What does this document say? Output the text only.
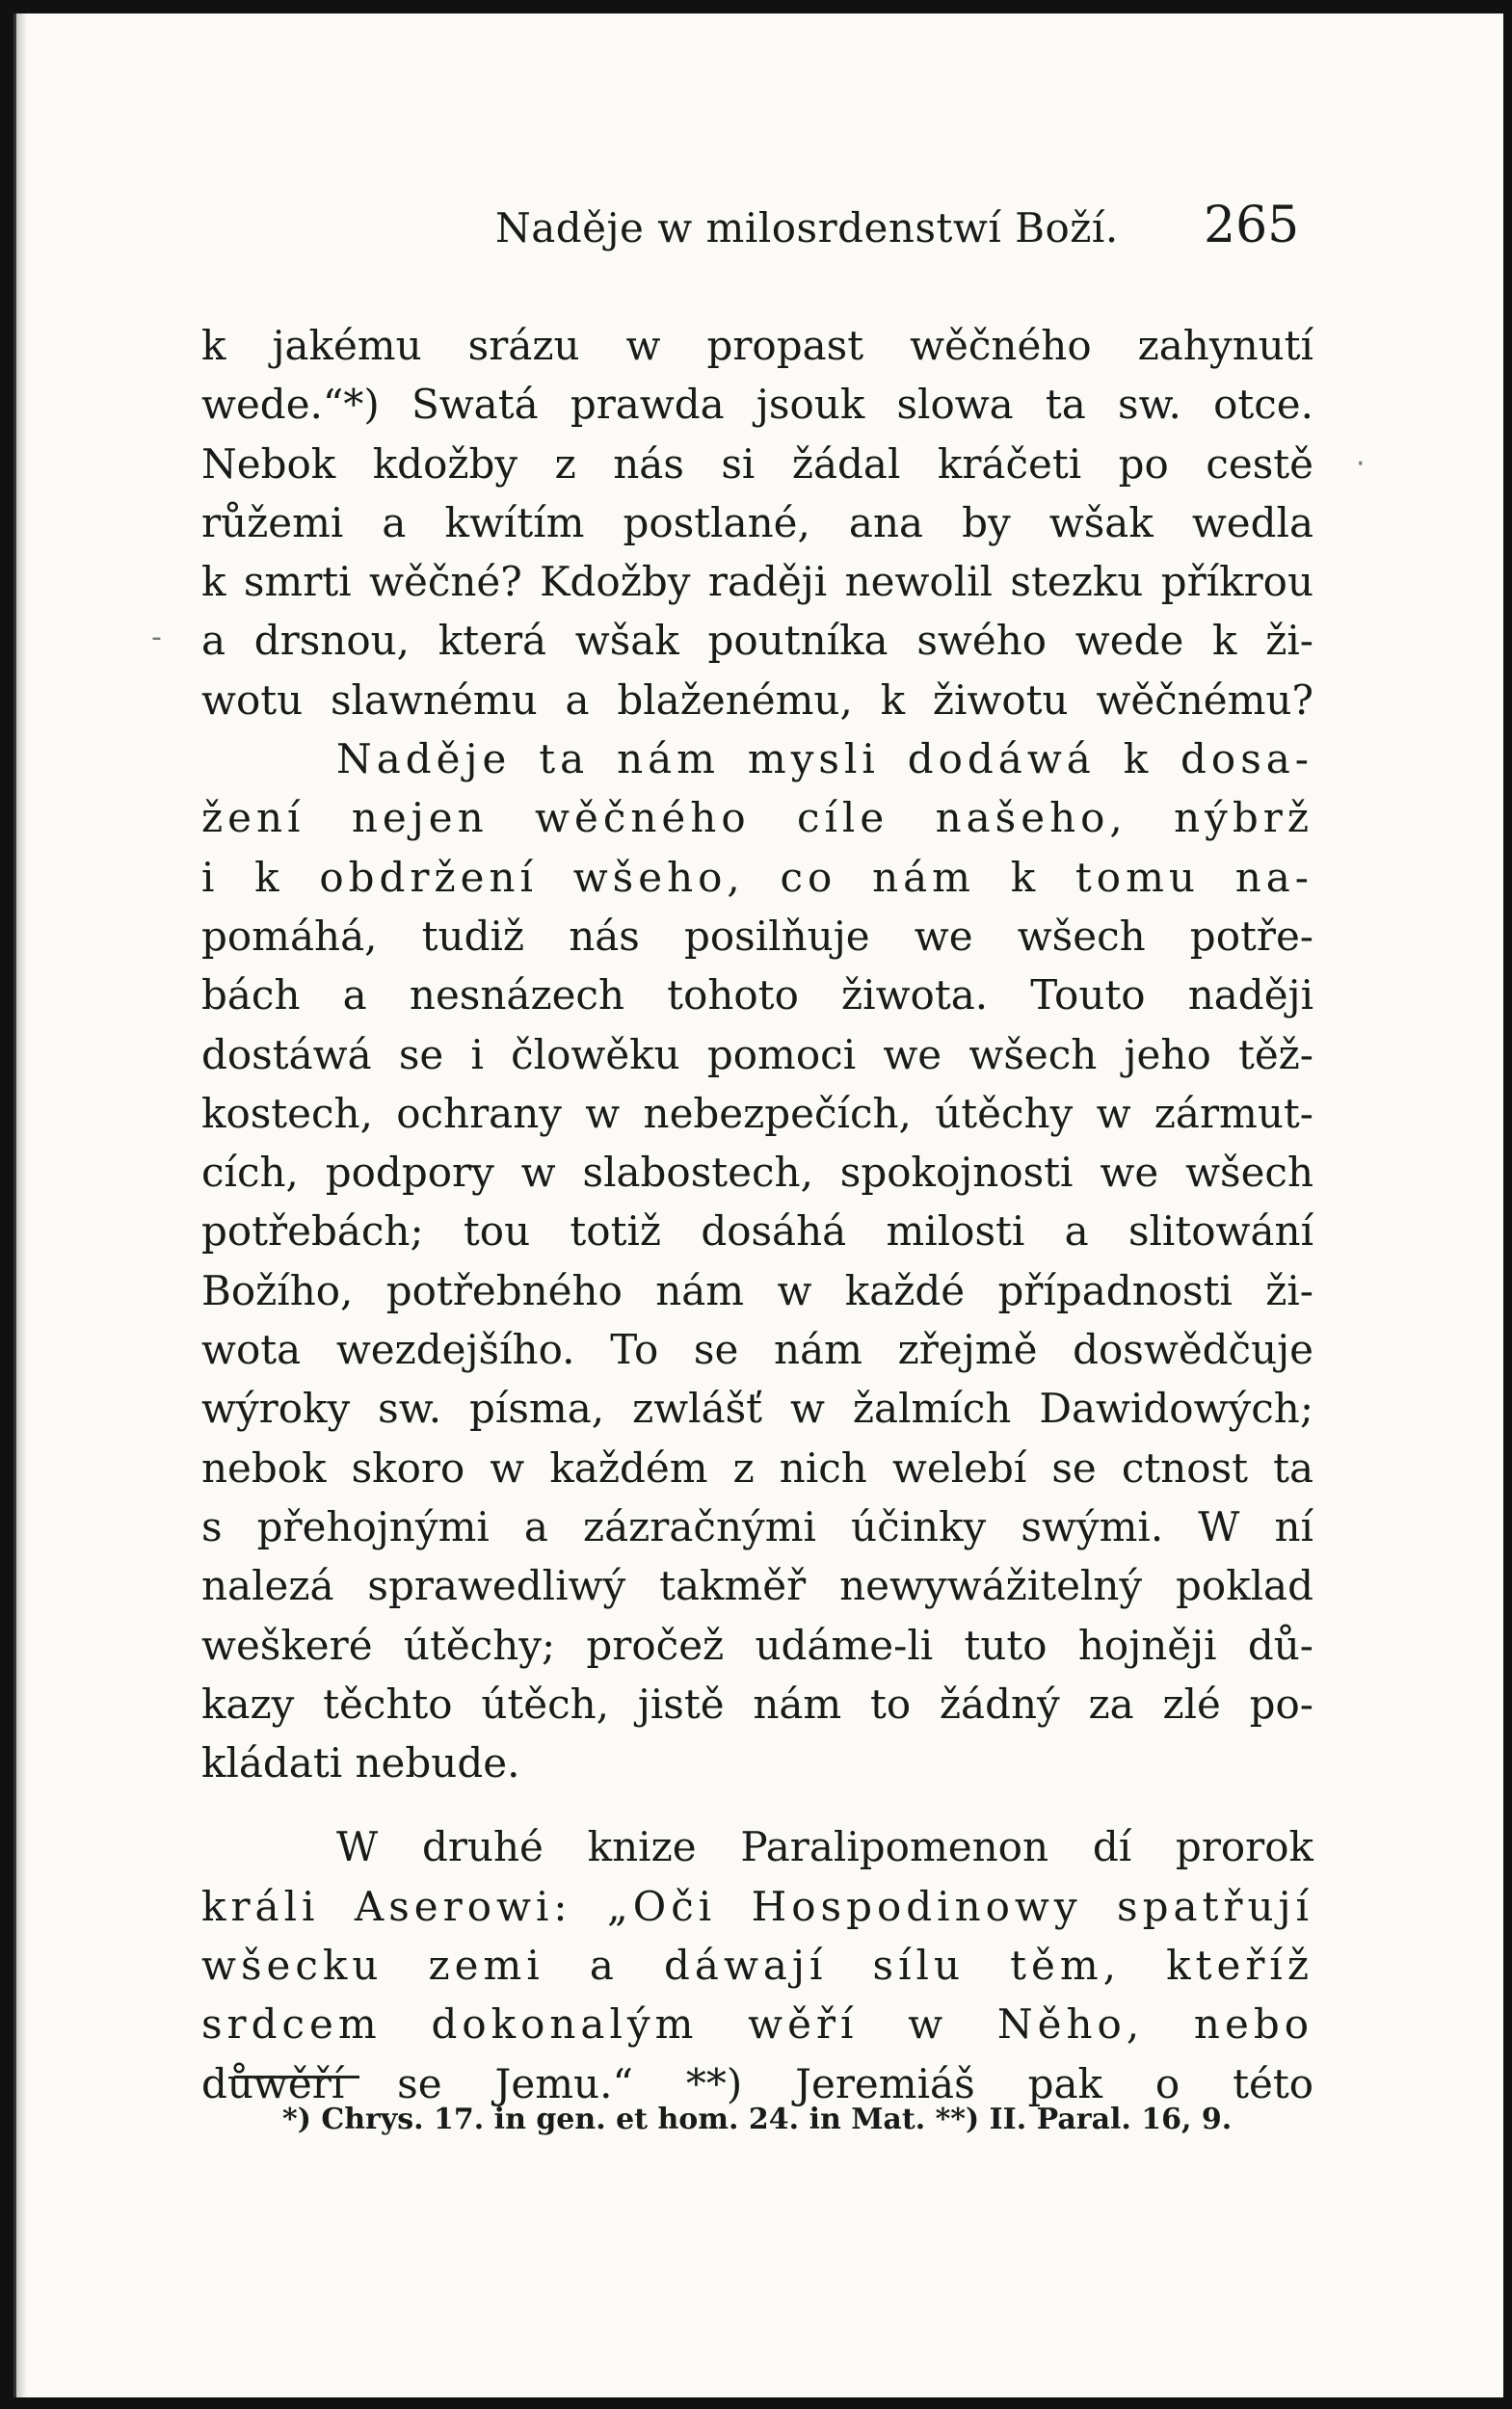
Naděje w milosrdenstwí Boží. 265
k jakému srázu w propast wěčného zahynutí
wede.“*) Swatá prawda jsouk slowa ta sw. otce.
Nebok kdožby z nás si žádal kráčeti po cestě
růžemi a kwítím postlané, ana by wšak wedla
k smrti wěčné? Kdožby raději newolil stezku příkrou
a drsnou, která wšak poutníka swého wede k ži-
wotu slawnému a blaženému, k žiwotu wěčnému?
Naděje ta nám mysli dodáwá k dosa-
žení nejen wěčného cíle našeho, nýbrž
i k obdržení wšeho, co nám k tomu na-
pomáhá, tudiž nás posilňuje we wšech potře-
bách a nesnázech tohoto žiwota. Touto naději
dostáwá se i člowěku pomoci we wšech jeho těž-
kostech, ochrany w nebezpečích, útěchy w zármut-
cích, podpory w slabostech, spokojnosti we wšech
potřebách; tou totiž dosáhá milosti a slitowání
Božího, potřebného nám w každé případnosti ži-
wota wezdejšího. To se nám zřejmě doswědčuje
wýroky sw. písma, zwlášť w žalmích Dawidowých;
nebok skoro w každém z nich welebí se ctnost ta
s přehojnými a zázračnými účinky swými. W ní
nalezá sprawedliwý takměř newywážitelný poklad
weškeré útěchy; pročež udáme-li tuto hojněji dů-
kazy těchto útěch, jistě nám to žádný za zlé po-
kládati nebude.
W druhé knize Paralipomenon dí prorok
králi Aserowi: „Oči Hospodinowy spatřují
wšecku zemi a dáwají sílu těm, kteříž
srdcem dokonalým wěří w Něho, nebo
důwěří se Jemu.“ **) Jeremiáš pak o této
*) Chrys. 17. in gen. et hom. 24. in Mat. **) II. Paral. 16, 9.
·
-
